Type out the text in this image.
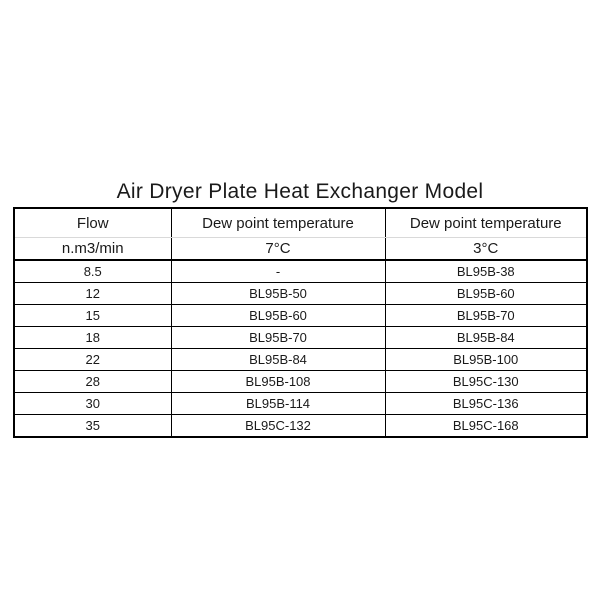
Air Dryer Plate Heat Exchanger Model
Flow	Dew point temperature	Dew point temperature
n.m3/min	7°C	3°C
8.5	-	BL95B-38
12	BL95B-50	BL95B-60
15	BL95B-60	BL95B-70
18	BL95B-70	BL95B-84
22	BL95B-84	BL95B-100
28	BL95B-108	BL95C-130
30	BL95B-114	BL95C-136
35	BL95C-132	BL95C-168
